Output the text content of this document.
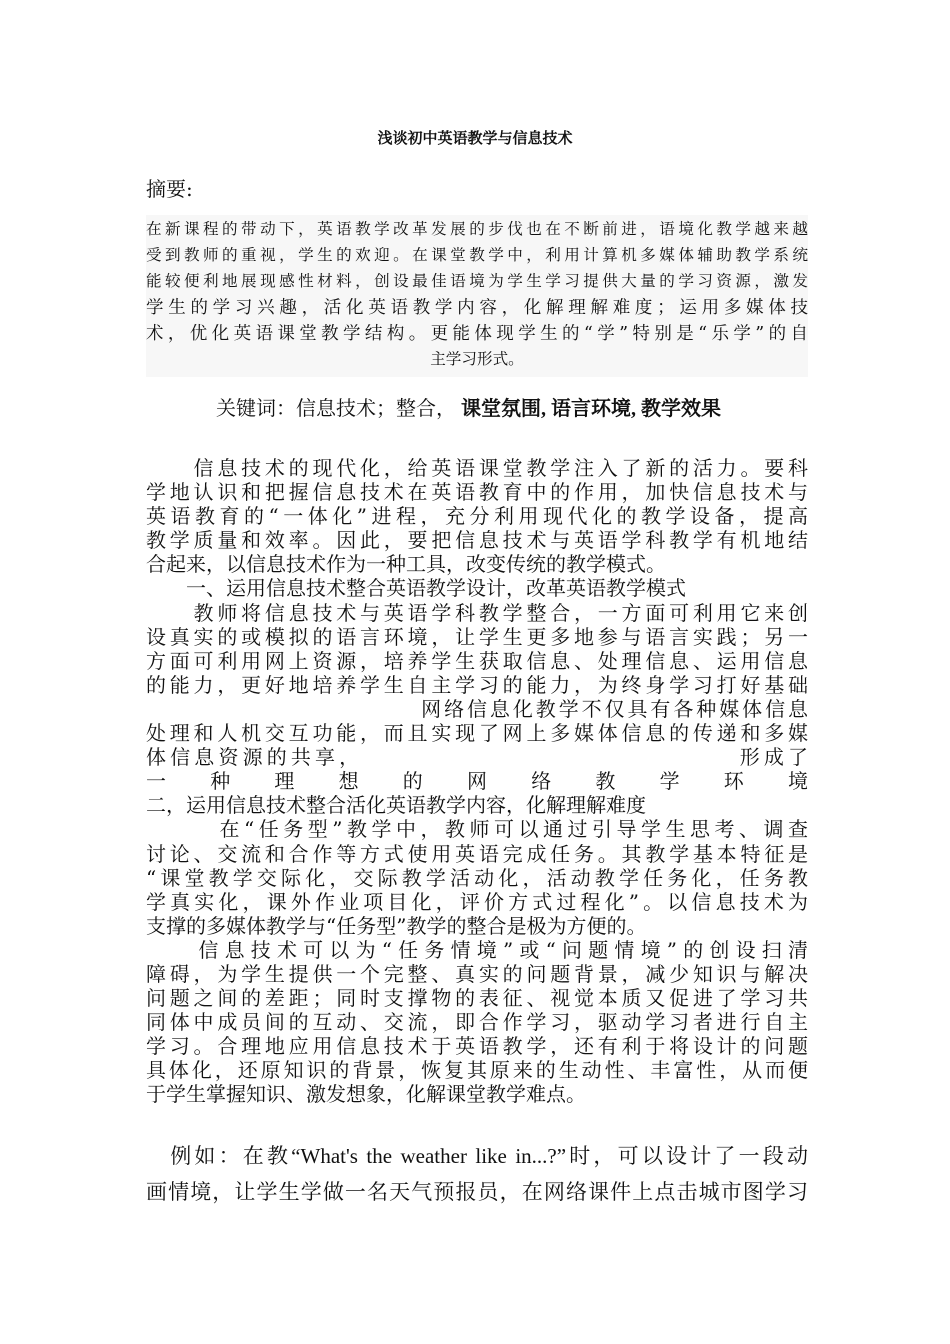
浅谈初中英语教学与信息技术
摘要:
在新课程的带动下，英语教学改革发展的步伐也在不断前进，语境化教学越来越
受到教师的重视，学生的欢迎。在课堂教学中，利用计算机多媒体辅助教学系统
能较便利地展现感性材料，创设最佳语境为学生学习提供大量的学习资源，激发
学生的学习兴趣，活化英语教学内容，化解理解难度；运用多媒体技
术，优化英语课堂教学结构。更能体现学生的“学”特别是“乐学”的自
主学习形式。
关键词：信息技术；整合， 课堂氛围, 语言环境, 教学效果
　　信息技术的现代化，给英语课堂教学注入了新的活力。要科
学地认识和把握信息技术在英语教育中的作用，加快信息技术与
英语教育的“一体化”进程，充分利用现代化的教学设备，提高
教学质量和效率。因此，要把信息技术与英语学科教学有机地结
合起来，以信息技术作为一种工具，改变传统的教学模式。
　　一、运用信息技术整合英语教学设计，改革英语教学模式
　　教师将信息技术与英语学科教学整合，一方面可利用它来创
设真实的或模拟的语言环境，让学生更多地参与语言实践；另一
方面可利用网上资源，培养学生获取信息、处理信息、运用信息
的能力，更好地培养学生自主学习的能力，为终身学习打好基础
　　　　　　　　　　　　网络信息化教学不仅具有各种媒体信息
处理和人机交互功能，而且实现了网上多媒体信息的传递和多媒
体信息资源的共享，　　　　　　　　　　　　　　　　形成了
一种理想的网络教学环境
二，运用信息技术整合活化英语教学内容，化解理解难度
　　　在“任务型”教学中，教师可以通过引导学生思考、调查
讨论、交流和合作等方式使用英语完成任务。其教学基本特征是
“课堂教学交际化，交际教学活动化，活动教学任务化，任务教
学真实化，课外作业项目化，评价方式过程化”。以信息技术为
支撑的多媒体教学与“任务型”教学的整合是极为方便的。
　　信息技术可以为“任务情境”或“问题情境”的创设扫清
障碍，为学生提供一个完整、真实的问题背景，减少知识与解决
问题之间的差距；同时支撑物的表征、视觉本质又促进了学习共
同体中成员间的互动、交流，即合作学习，驱动学习者进行自主
学习。合理地应用信息技术于英语教学，还有利于将设计的问题
具体化，还原知识的背景，恢复其原来的生动性、丰富性，从而便
于学生掌握知识、激发想象，化解课堂教学难点。
　例如：在教“What's the weather like in...?”时，可以设计了一段动
画情境，让学生学做一名天气预报员，在网络课件上点击城市图学习
